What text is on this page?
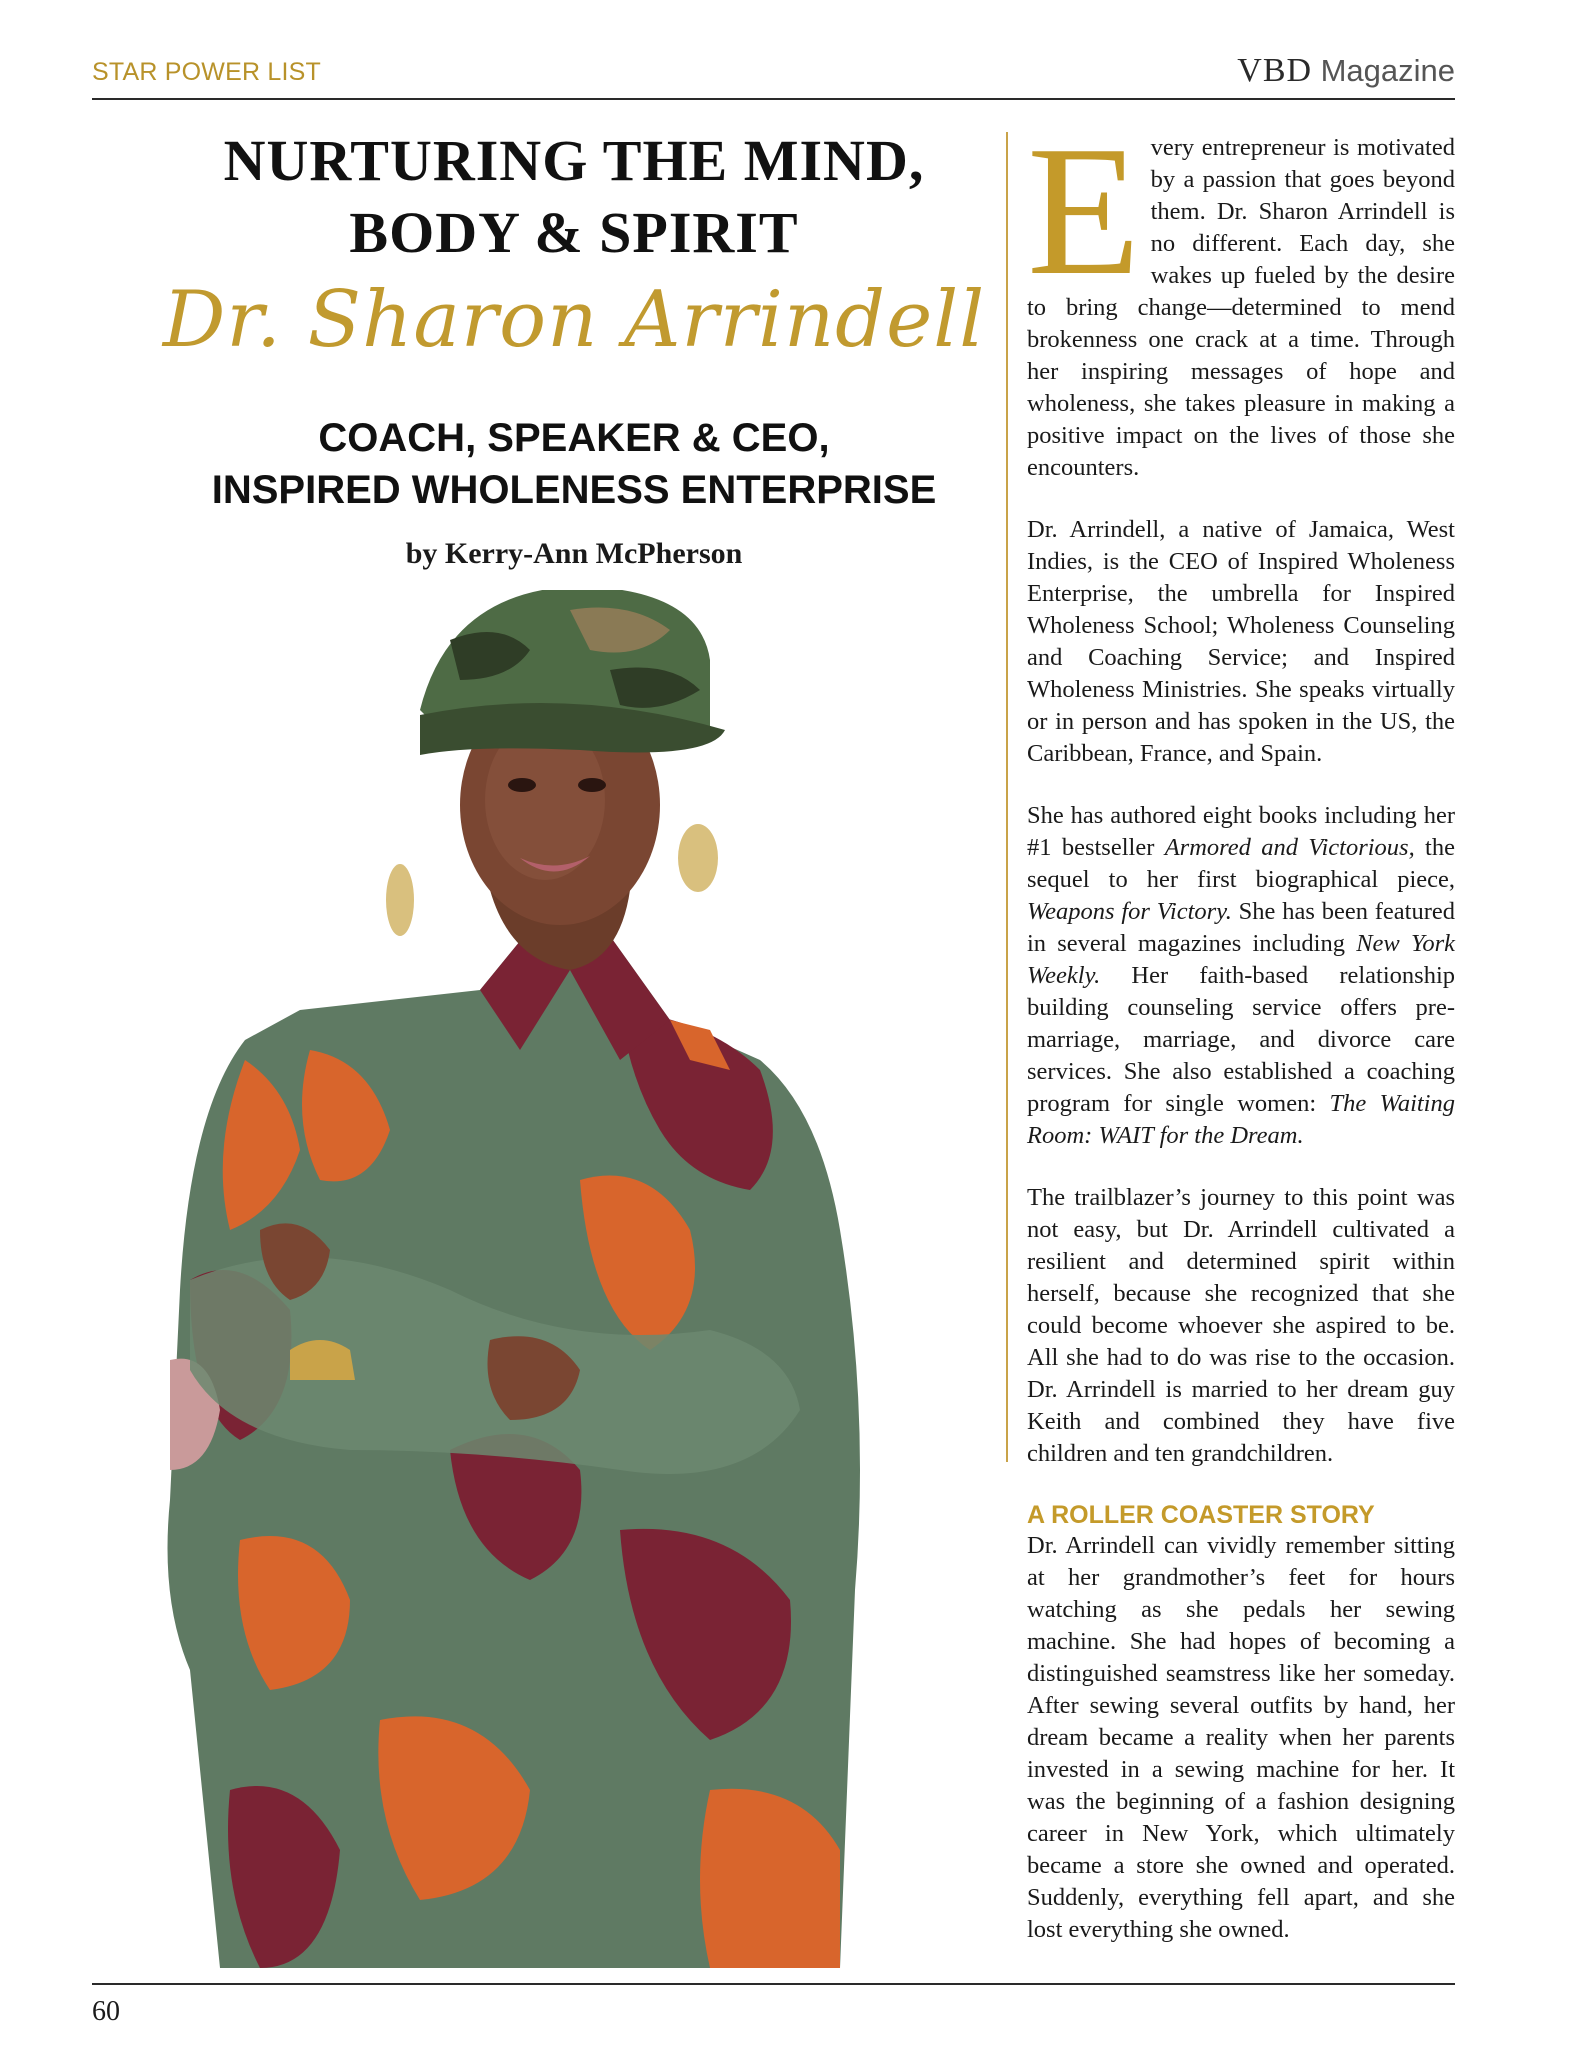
STAR POWER LIST	VBD Magazine
NURTURING THE MIND,
BODY & SPIRIT
Dr. Sharon Arrindell
COACH, SPEAKER & CEO,
INSPIRED WHOLENESS ENTERPRISE
by Kerry-Ann McPherson

E very entrepreneur is motivated by a passion that goes beyond them. Dr. Sharon Arrindell is no different. Each day, she wakes up fueled by the desire to bring change—determined to mend brokenness one crack at a time. Through her inspiring messages of hope and wholeness, she takes pleasure in making a positive impact on the lives of those she encounters.

Dr. Arrindell, a native of Jamaica, West Indies, is the CEO of Inspired Wholeness Enterprise, the umbrella for Inspired Wholeness School; Wholeness Counseling and Coaching Service; and Inspired Wholeness Ministries. She speaks virtually or in person and has spoken in the US, the Caribbean, France, and Spain.

She has authored eight books including her #1 bestseller Armored and Victorious, the sequel to her first biographical piece, Weapons for Victory. She has been featured in several magazines including New York Weekly. Her faith-based relationship building counseling service offers pre-marriage, marriage, and divorce care services. She also established a coaching program for single women: The Waiting Room: WAIT for the Dream.

The trailblazer’s journey to this point was not easy, but Dr. Arrindell cultivated a resilient and determined spirit within herself, because she recognized that she could become whoever she aspired to be. All she had to do was rise to the occasion. Dr. Arrindell is married to her dream guy Keith and combined they have five children and ten grandchildren.

A ROLLER COASTER STORY

Dr. Arrindell can vividly remember sitting at her grandmother’s feet for hours watching as she pedals her sewing machine. She had hopes of becoming a distinguished seamstress like her someday. After sewing several outfits by hand, her dream became a reality when her parents invested in a sewing machine for her. It was the beginning of a fashion designing career in New York, which ultimately became a store she owned and operated. Suddenly, everything fell apart, and she lost everything she owned.

60
